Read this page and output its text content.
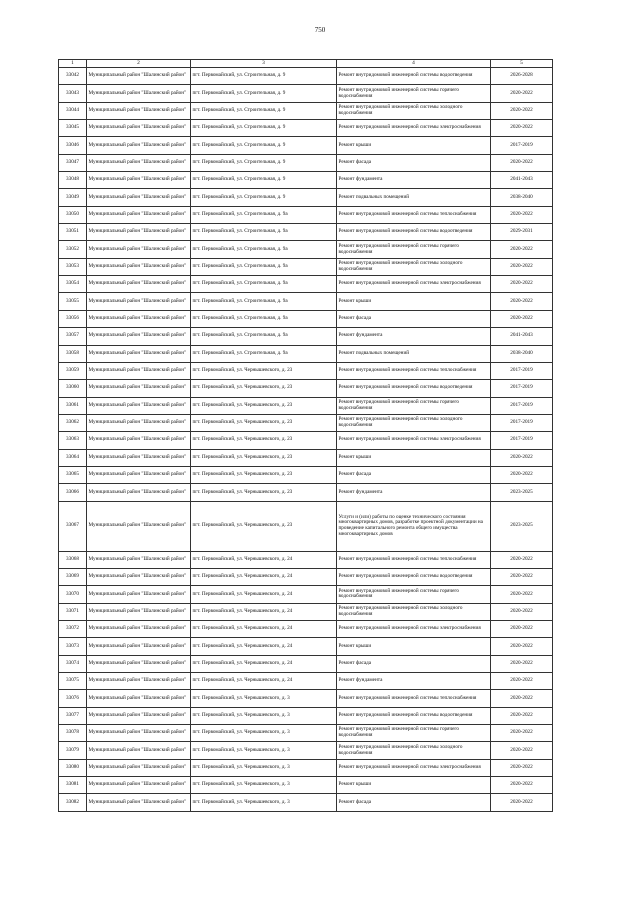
750
1	2	3	4	5
33042	Муниципальный район "Шалинский район"	пгт. Первомайский, ул. Строительная, д. 9	Ремонт внутридомовой инженерной системы водоотведения	2026-2028
33043	Муниципальный район "Шалинский район"	пгт. Первомайский, ул. Строительная, д. 9	Ремонт внутридомовой инженерной системы горячего водоснабжения	2020-2022
33044	Муниципальный район "Шалинский район"	пгт. Первомайский, ул. Строительная, д. 9	Ремонт внутридомовой инженерной системы холодного водоснабжения	2020-2022
33045	Муниципальный район "Шалинский район"	пгт. Первомайский, ул. Строительная, д. 9	Ремонт внутридомовой инженерной системы электроснабжения	2020-2022
33046	Муниципальный район "Шалинский район"	пгт. Первомайский, ул. Строительная, д. 9	Ремонт крыши	2017-2019
33047	Муниципальный район "Шалинский район"	пгт. Первомайский, ул. Строительная, д. 9	Ремонт фасада	2020-2022
33048	Муниципальный район "Шалинский район"	пгт. Первомайский, ул. Строительная, д. 9	Ремонт фундамента	2041-2043
33049	Муниципальный район "Шалинский район"	пгт. Первомайский, ул. Строительная, д. 9	Ремонт подвальных помещений	2038-2040
33050	Муниципальный район "Шалинский район"	пгт. Первомайский, ул. Строительная, д. 9а	Ремонт внутридомовой инженерной системы теплоснабжения	2020-2022
33051	Муниципальный район "Шалинский район"	пгт. Первомайский, ул. Строительная, д. 9а	Ремонт внутридомовой инженерной системы водоотведения	2029-2031
33052	Муниципальный район "Шалинский район"	пгт. Первомайский, ул. Строительная, д. 9а	Ремонт внутридомовой инженерной системы горячего водоснабжения	2020-2022
33053	Муниципальный район "Шалинский район"	пгт. Первомайский, ул. Строительная, д. 9а	Ремонт внутридомовой инженерной системы холодного водоснабжения	2020-2022
33054	Муниципальный район "Шалинский район"	пгт. Первомайский, ул. Строительная, д. 9а	Ремонт внутридомовой инженерной системы электроснабжения	2020-2022
33055	Муниципальный район "Шалинский район"	пгт. Первомайский, ул. Строительная, д. 9а	Ремонт крыши	2020-2022
33056	Муниципальный район "Шалинский район"	пгт. Первомайский, ул. Строительная, д. 9а	Ремонт фасада	2020-2022
33057	Муниципальный район "Шалинский район"	пгт. Первомайский, ул. Строительная, д. 9а	Ремонт фундамента	2041-2043
33058	Муниципальный район "Шалинский район"	пгт. Первомайский, ул. Строительная, д. 9а	Ремонт подвальных помещений	2038-2040
33059	Муниципальный район "Шалинский район"	пгт. Первомайский, ул. Чернышевского, д. 23	Ремонт внутридомовой инженерной системы теплоснабжения	2017-2019
33060	Муниципальный район "Шалинский район"	пгт. Первомайский, ул. Чернышевского, д. 23	Ремонт внутридомовой инженерной системы водоотведения	2017-2019
33061	Муниципальный район "Шалинский район"	пгт. Первомайский, ул. Чернышевского, д. 23	Ремонт внутридомовой инженерной системы горячего водоснабжения	2017-2019
33062	Муниципальный район "Шалинский район"	пгт. Первомайский, ул. Чернышевского, д. 23	Ремонт внутридомовой инженерной системы холодного водоснабжения	2017-2019
33063	Муниципальный район "Шалинский район"	пгт. Первомайский, ул. Чернышевского, д. 23	Ремонт внутридомовой инженерной системы электроснабжения	2017-2019
33064	Муниципальный район "Шалинский район"	пгт. Первомайский, ул. Чернышевского, д. 23	Ремонт крыши	2020-2022
33065	Муниципальный район "Шалинский район"	пгт. Первомайский, ул. Чернышевского, д. 23	Ремонт фасада	2020-2022
33066	Муниципальный район "Шалинский район"	пгт. Первомайский, ул. Чернышевского, д. 23	Ремонт фундамента	2023-2025
33067	Муниципальный район "Шалинский район"	пгт. Первомайский, ул. Чернышевского, д. 23	Услуги и (или) работы по оценке технического состояния многоквартирных домов, разработке проектной документации на проведение капитального ремонта общего имущества многоквартирных домов	2023-2025
33068	Муниципальный район "Шалинский район"	пгт. Первомайский, ул. Чернышевского, д. 24	Ремонт внутридомовой инженерной системы теплоснабжения	2020-2022
33069	Муниципальный район "Шалинский район"	пгт. Первомайский, ул. Чернышевского, д. 24	Ремонт внутридомовой инженерной системы водоотведения	2020-2022
33070	Муниципальный район "Шалинский район"	пгт. Первомайский, ул. Чернышевского, д. 24	Ремонт внутридомовой инженерной системы горячего водоснабжения	2020-2022
33071	Муниципальный район "Шалинский район"	пгт. Первомайский, ул. Чернышевского, д. 24	Ремонт внутридомовой инженерной системы холодного водоснабжения	2020-2022
33072	Муниципальный район "Шалинский район"	пгт. Первомайский, ул. Чернышевского, д. 24	Ремонт внутридомовой инженерной системы электроснабжения	2020-2022
33073	Муниципальный район "Шалинский район"	пгт. Первомайский, ул. Чернышевского, д. 24	Ремонт крыши	2020-2022
33074	Муниципальный район "Шалинский район"	пгт. Первомайский, ул. Чернышевского, д. 24	Ремонт фасада	2020-2022
33075	Муниципальный район "Шалинский район"	пгт. Первомайский, ул. Чернышевского, д. 24	Ремонт фундамента	2020-2022
33076	Муниципальный район "Шалинский район"	пгт. Первомайский, ул. Чернышевского, д. 3	Ремонт внутридомовой инженерной системы теплоснабжения	2020-2022
33077	Муниципальный район "Шалинский район"	пгт. Первомайский, ул. Чернышевского, д. 3	Ремонт внутридомовой инженерной системы водоотведения	2020-2022
33078	Муниципальный район "Шалинский район"	пгт. Первомайский, ул. Чернышевского, д. 3	Ремонт внутридомовой инженерной системы горячего водоснабжения	2020-2022
33079	Муниципальный район "Шалинский район"	пгт. Первомайский, ул. Чернышевского, д. 3	Ремонт внутридомовой инженерной системы холодного водоснабжения	2020-2022
33080	Муниципальный район "Шалинский район"	пгт. Первомайский, ул. Чернышевского, д. 3	Ремонт внутридомовой инженерной системы электроснабжения	2020-2022
33081	Муниципальный район "Шалинский район"	пгт. Первомайский, ул. Чернышевского, д. 3	Ремонт крыши	2020-2022
33082	Муниципальный район "Шалинский район"	пгт. Первомайский, ул. Чернышевского, д. 3	Ремонт фасада	2020-2022
